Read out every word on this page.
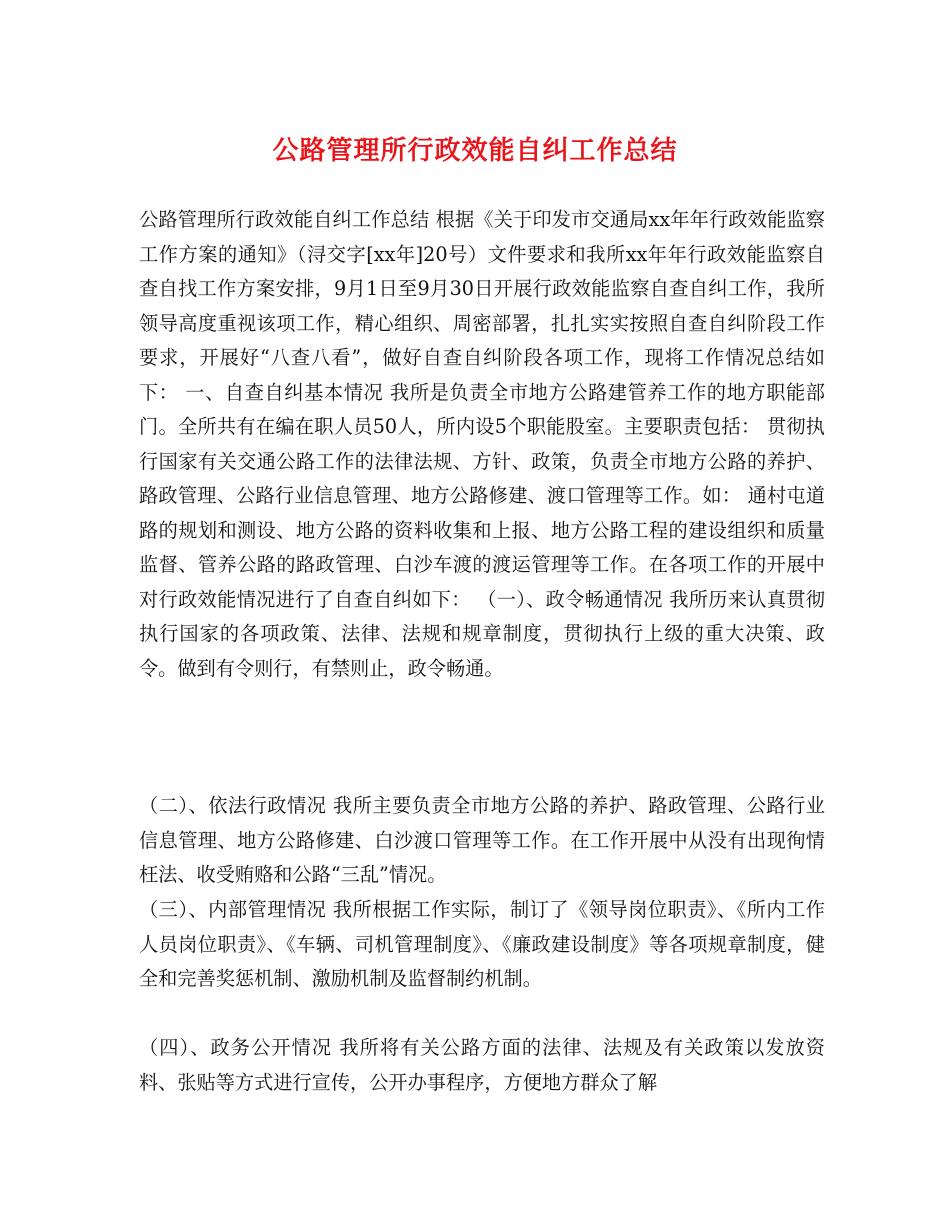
公路管理所行政效能自纠工作总结

公路管理所行政效能自纠工作总结 根据《关于印发市交通局xx年年行政效能监察工作方案的通知》（浔交字[xx年]20号）文件要求和我所xx年年行政效能监察自查自找工作方案安排，9月1日至9月30日开展行政效能监察自查自纠工作，我所领导高度重视该项工作，精心组织、周密部署，扎扎实实按照自查自纠阶段工作要求，开展好“八查八看”，做好自查自纠阶段各项工作，现将工作情况总结如下： 一、自查自纠基本情况 我所是负责全市地方公路建管养工作的地方职能部门。全所共有在编在职人员50人，所内设5个职能股室。主要职责包括： 贯彻执行国家有关交通公路工作的法律法规、方针、政策，负责全市地方公路的养护、路政管理、公路行业信息管理、地方公路修建、渡口管理等工作。如： 通村屯道路的规划和测设、地方公路的资料收集和上报、地方公路工程的建设组织和质量监督、管养公路的路政管理、白沙车渡的渡运管理等工作。在各项工作的开展中对行政效能情况进行了自查自纠如下： （一）、政令畅通情况 我所历来认真贯彻执行国家的各项政策、法律、法规和规章制度，贯彻执行上级的重大决策、政令。做到有令则行，有禁则止，政令畅通。

（二）、依法行政情况 我所主要负责全市地方公路的养护、路政管理、公路行业信息管理、地方公路修建、白沙渡口管理等工作。在工作开展中从没有出现徇情枉法、收受贿赂和公路“三乱”情况。

（三）、内部管理情况 我所根据工作实际，制订了《领导岗位职责》、《所内工作人员岗位职责》、《车辆、司机管理制度》、《廉政建设制度》等各项规章制度，健全和完善奖惩机制、激励机制及监督制约机制。

（四）、政务公开情况 我所将有关公路方面的法律、法规及有关政策以发放资料、张贴等方式进行宣传，公开办事程序，方便地方群众了解
